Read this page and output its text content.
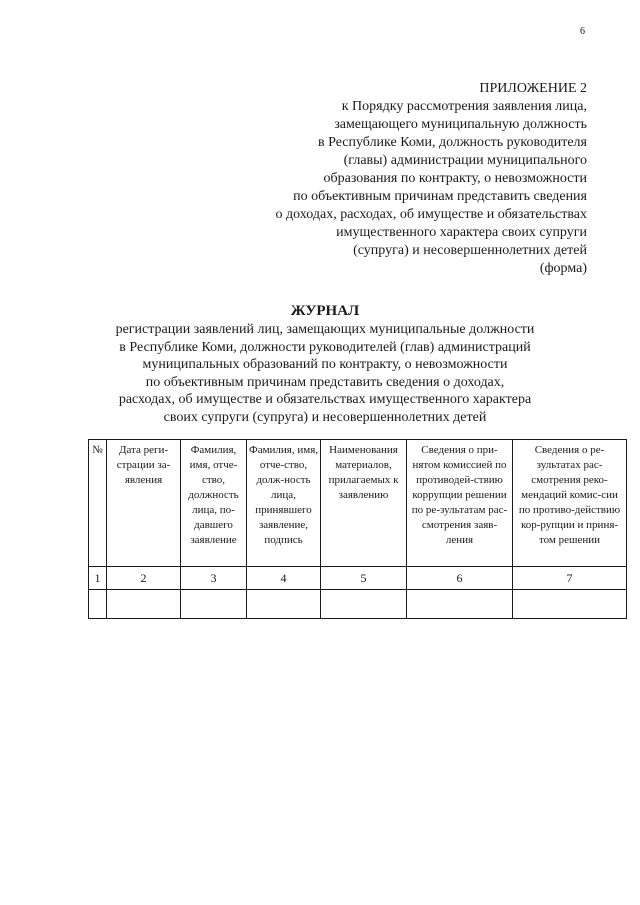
6
ПРИЛОЖЕНИЕ 2
к Порядку рассмотрения заявления лица,
замещающего муниципальную должность
в Республике Коми, должность руководителя
(главы) администрации муниципального
образования по контракту, о невозможности
по объективным причинам представить сведения
о доходах, расходах, об имуществе и обязательствах
имущественного характера своих супруги
(супруга) и несовершеннолетних детей
(форма)
ЖУРНАЛ
регистрации заявлений лиц, замещающих муниципальные должности
в Республике Коми, должности руководителей (глав) администраций
муниципальных образований по контракту, о невозможности
по объективным причинам представить сведения о доходах,
расходах, об имуществе и обязательствах имущественного характера
своих супруги (супруга) и несовершеннолетних детей
№	Дата реги-страции за-явления	Фамилия, имя, отче-ство, должность лица, по-давшего заявление	Фамилия, имя, отче-ство, долж-ность лица, принявшего заявление, подпись	Наименования материалов, прилагаемых к заявлению	Сведения о при-нятом комиссией по противодей-ствию коррупции решении по ре-зультатам рас-смотрения заяв-ления	Сведения о ре-зультатах рас-смотрения реко-мендаций комис-сии по противо-действию кор-рупции и приня-том решении
1	2	3	4	5	6	7
